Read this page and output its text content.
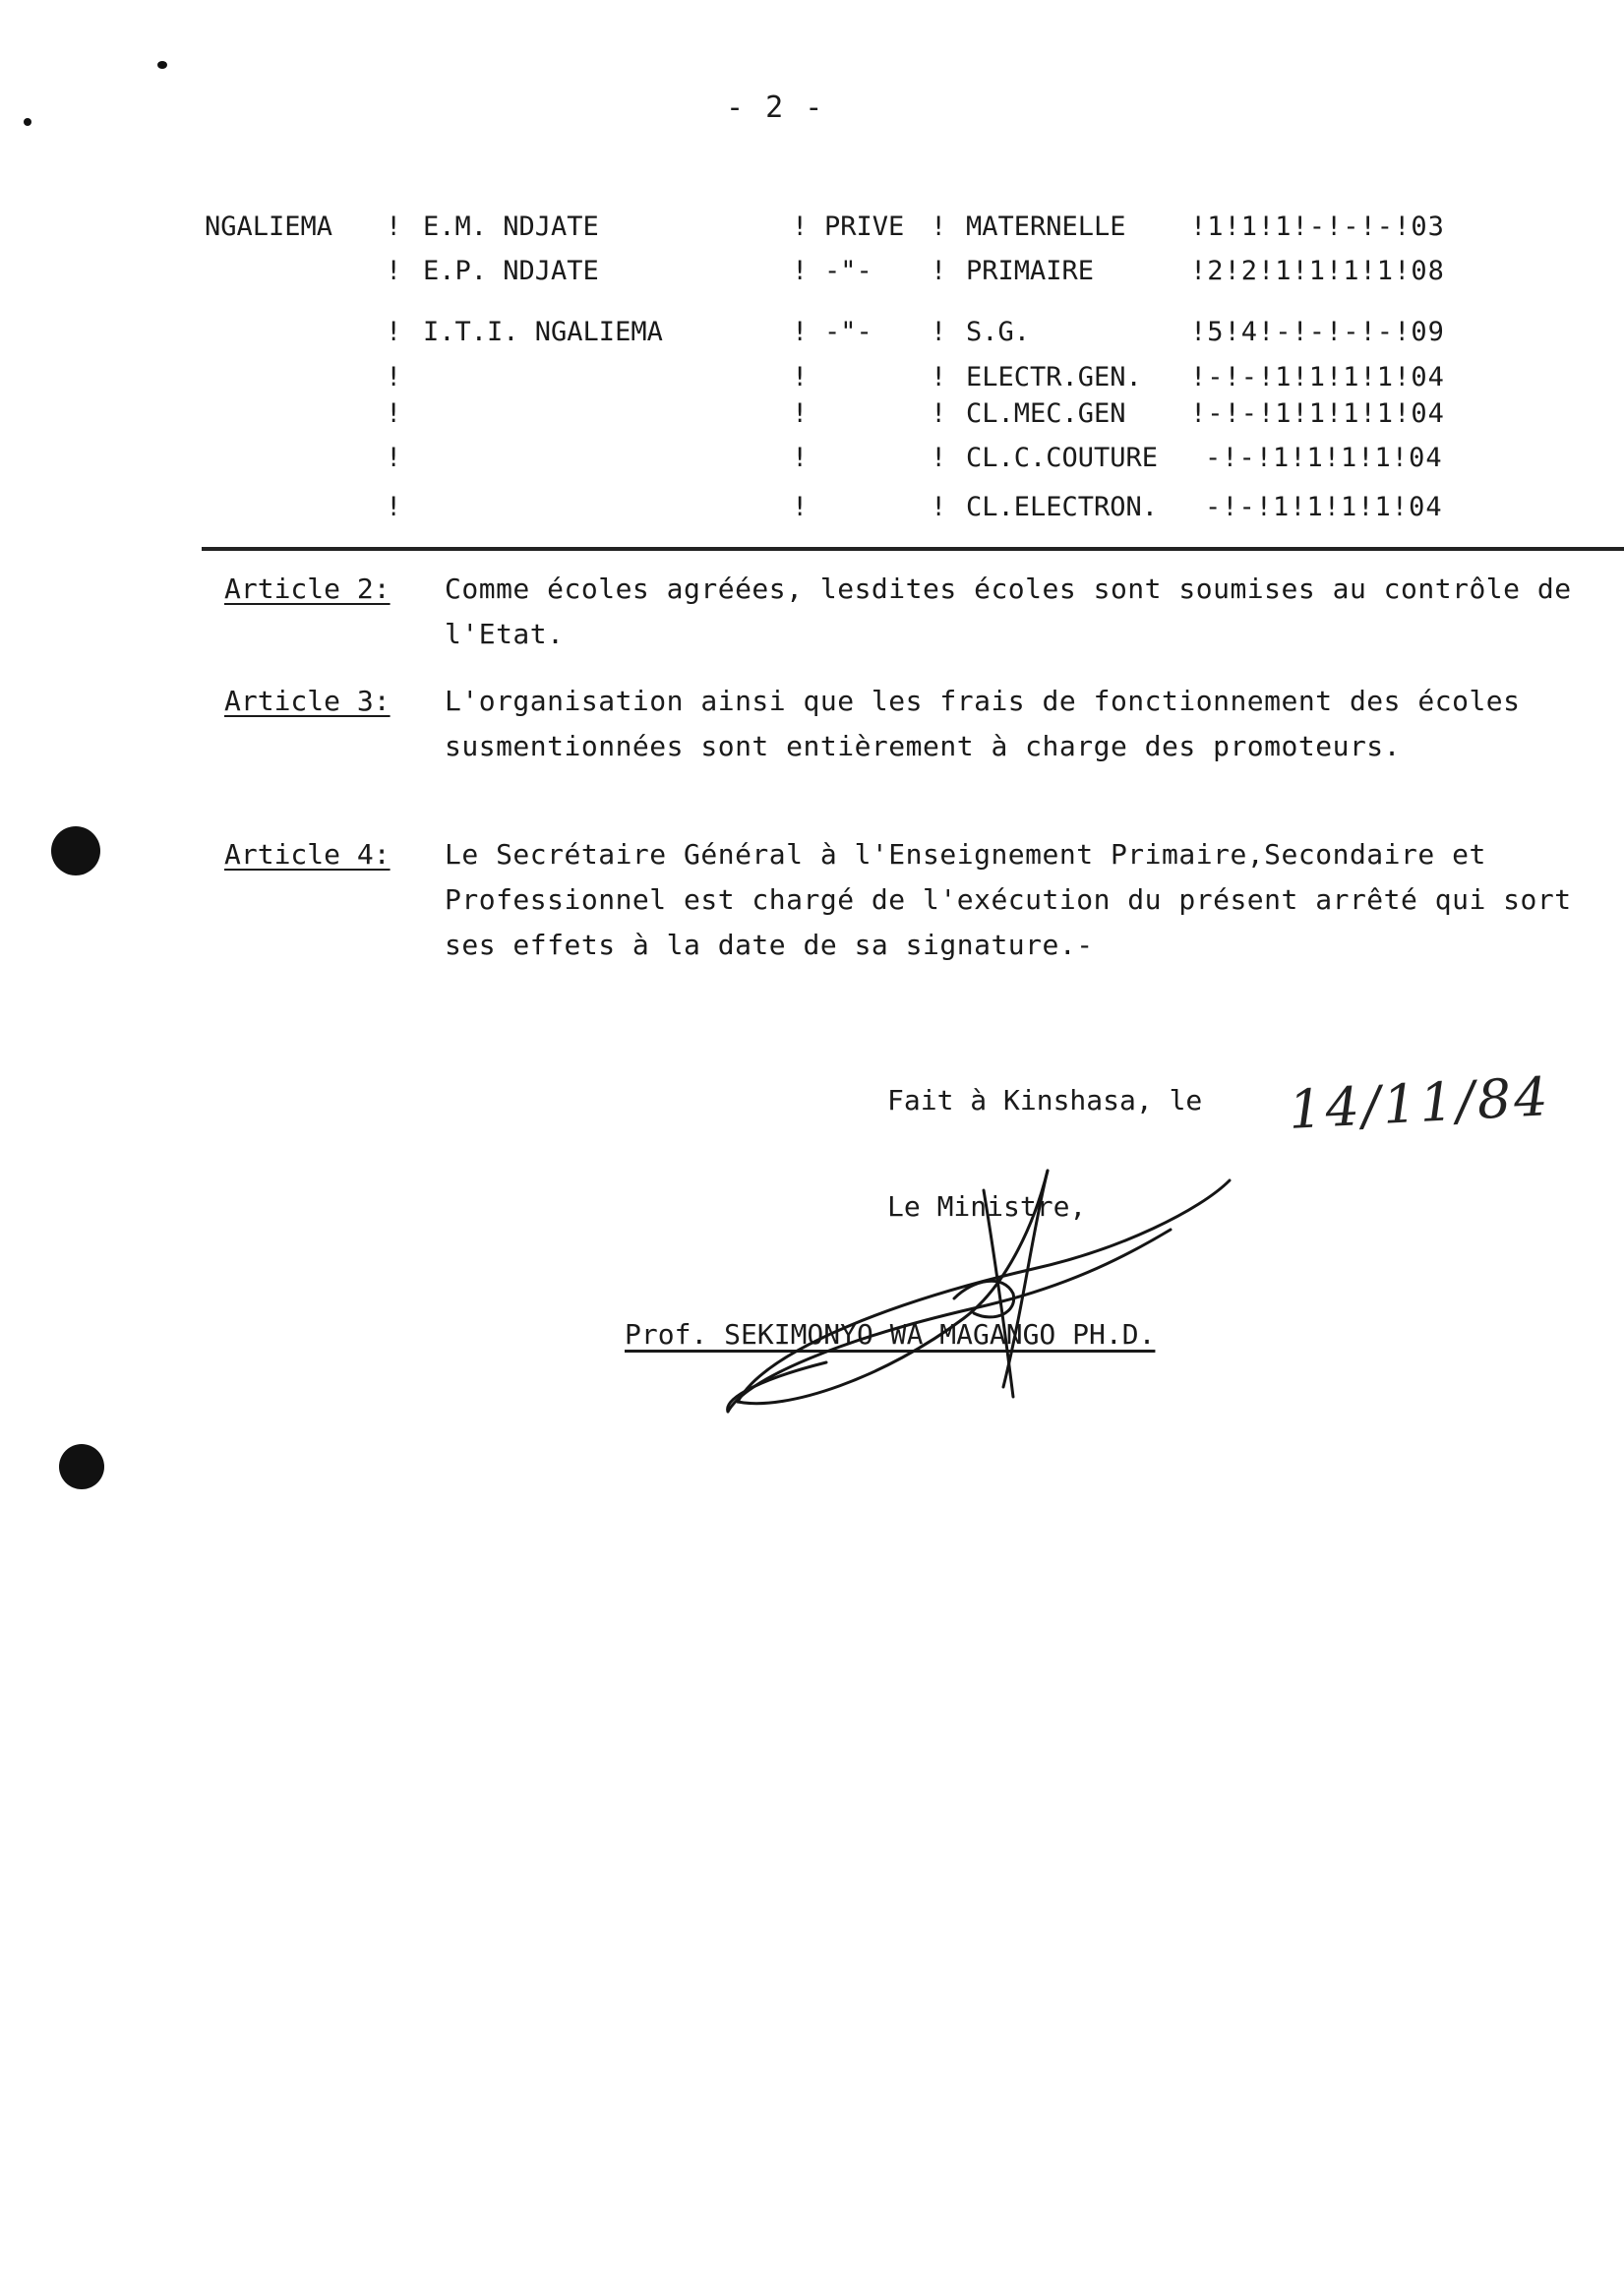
- 2 -
NGALIEMA ! E.M. NDJATE	! PRIVE ! MATERNELLE !1!1!1!-!-!-!03
! E.P. NDJATE	! -"- ! PRIMAIRE	!2!2!1!1!1!1!08
! I.T.I. NGALIEMA	! -"- ! S.G.	!5!4!-!-!-!-!09
!	!	! ELECTR.GEN. !-!-!1!1!1!1!04
!	!	! CL.MEC.GEN !-!-!1!1!1!1!04
!	!	! CL.C.COUTURE -!-!1!1!1!1!04
!	!	! CL.ELECTRON. -!-!1!1!1!1!04
Article 2: Comme écoles agréées, lesdites écoles sont soumises au contrôle de l'Etat.
Article 3: L'organisation ainsi que les frais de fonctionnement des écoles susmentionnées sont entièrement à charge des promoteurs.
Article 4: Le Secrétaire Général à l'Enseignement Primaire,Secondaire et Professionnel est chargé de l'exécution du présent arrêté qui sort ses effets à la date de sa signature.-
Fait à Kinshasa, le 14/11/84
Le Ministre,
Prof. SEKIMONYO WA MAGANGO PH.D.
